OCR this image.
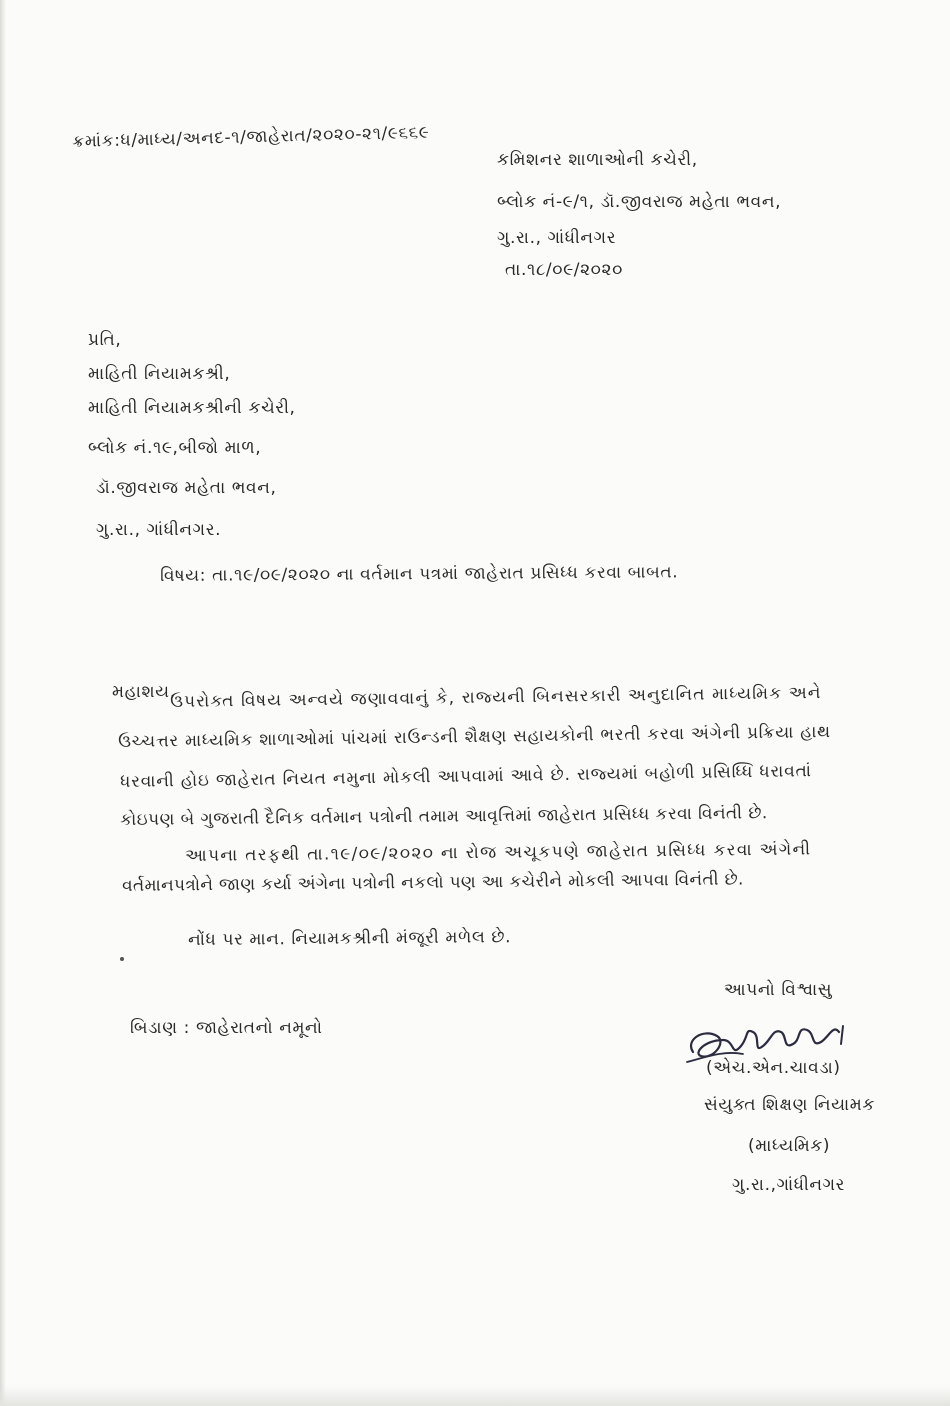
ક્રમાંક:ધ/માધ્ય/અનદ-૧/જાહેરાત/૨૦૨૦-૨૧/૯૬૬૯
કમિશનર શાળાઓની કચેરી,
બ્લોક નં-૯/૧, ડૉ.જીવરાજ મહેતા ભવન,
ગુ.રા., ગાંધીનગર
તા.૧૮/૦૯/૨૦૨૦
પ્રતિ,
માહિતી નિયામકશ્રી,
માહિતી નિયામકશ્રીની કચેરી,
બ્લોક નં.૧૯,બીજો માળ,
ડૉ.જીવરાજ મહેતા ભવન,
ગુ.રા., ગાંધીનગર.
વિષય: તા.૧૯/૦૯/૨૦૨૦ ના વર્તમાન પત્રમાં જાહેરાત પ્રસિધ્ધ કરવા બાબત.
મહાશય,
ઉપરોક્ત વિષય અન્વયે જણાવવાનું કે, રાજ્યની બિનસરકારી અનુદાનિત માધ્યમિક અને
ઉચ્ચત્તર માધ્યમિક શાળાઓમાં પાંચમાં રાઉન્ડની શૈક્ષણ સહાયકોની ભરતી કરવા અંગેની પ્રક્રિયા હાથ
ધરવાની હોઇ જાહેરાત નિયત નમુના મોકલી આપવામાં આવે છે. રાજ્યમાં બહોળી પ્રસિધ્ધિ ધરાવતાં
કોઇપણ બે ગુજરાતી દૈનિક વર્તમાન પત્રોની તમામ આવૃત્તિમાં જાહેરાત પ્રસિધ્ધ કરવા વિનંતી છે.
આપના તરફથી તા.૧૯/૦૯/૨૦૨૦ ના રોજ અચૂકપણે જાહેરાત પ્રસિધ્ધ કરવા અંગેની
વર્તમાનપત્રોને જાણ કર્યા અંગેના પત્રોની નકલો પણ આ કચેરીને મોકલી આપવા વિનંતી છે.
નોંધ પર માન. નિયામકશ્રીની મંજૂરી મળેલ છે.
આપનો વિશ્વાસુ
બિડાણ : જાહેરાતનો નમૂનો
(એચ.એન.ચાવડા)
સંયુક્ત શિક્ષણ નિયામક
(માધ્યમિક)
ગુ.રા.,ગાંધીનગર
